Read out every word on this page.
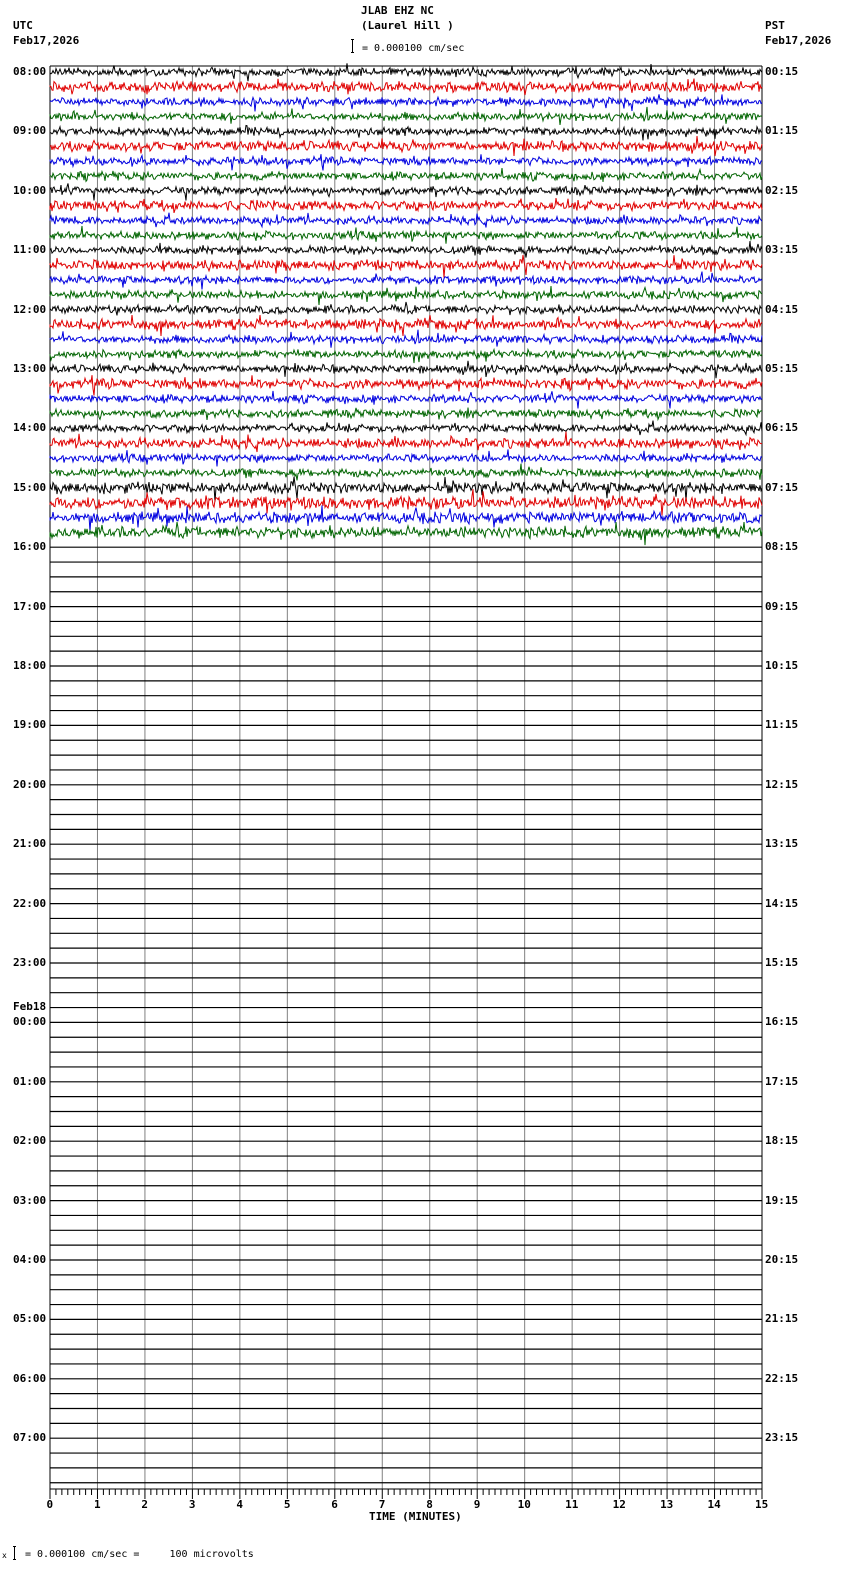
JLAB EHZ NC
(Laurel Hill )
= 0.000100 cm/sec
UTC
Feb17,2026
PST
Feb17,2026
08:00
09:00
10:00
11:00
12:00
13:00
14:00
15:00
16:00
17:00
18:00
19:00
20:00
21:00
22:00
23:00
00:00
Feb18
01:00
02:00
03:00
04:00
05:00
06:00
07:00
00:15
01:15
02:15
03:15
04:15
05:15
06:15
07:15
08:15
09:15
10:15
11:15
12:15
13:15
14:15
15:15
16:15
17:15
18:15
19:15
20:15
21:15
22:15
23:15
0	1	2	3	4	5	6	7	8	9	10	11	12	13	14	15
TIME (MINUTES)
x = 0.000100 cm/sec =     100 microvolts
